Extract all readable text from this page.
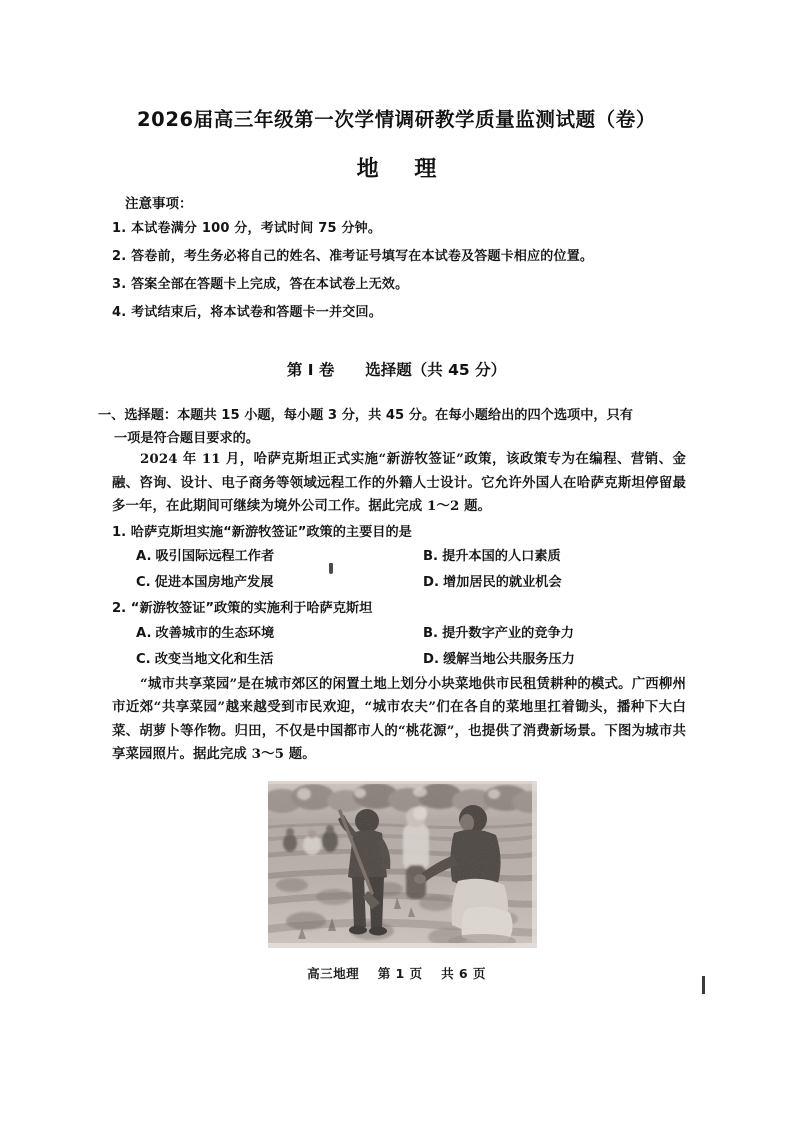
2026届高三年级第一次学情调研教学质量监测试题（卷）
地 理
注意事项：
1. 本试卷满分 100 分，考试时间 75 分钟。
2. 答卷前，考生务必将自己的姓名、准考证号填写在本试卷及答题卡相应的位置。
3. 答案全部在答题卡上完成，答在本试卷上无效。
4. 考试结束后，将本试卷和答题卡一并交回。
第 I 卷 选择题（共 45 分）
一、选择题：本题共 15 小题，每小题 3 分，共 45 分。在每小题给出的四个选项中，只有
一项是符合题目要求的。

2024 年 11 月，哈萨克斯坦正式实施“新游牧签证”政策，该政策专为在编程、营销、金融、咨询、设计、电子商务等领域远程工作的外籍人士设计。它允许外国人在哈萨克斯坦停留最多一年，在此期间可继续为境外公司工作。据此完成 1～2 题。

1. 哈萨克斯坦实施“新游牧签证”政策的主要目的是

A. 吸引国际远程工作者	B. 提升本国的人口素质
C. 促进本国房地产发展	D. 增加居民的就业机会

2. “新游牧签证”政策的实施利于哈萨克斯坦

A. 改善城市的生态环境	B. 提升数字产业的竞争力
C. 改变当地文化和生活	D. 缓解当地公共服务压力

“城市共享菜园”是在城市郊区的闲置土地上划分小块菜地供市民租赁耕种的模式。广西柳州市近郊“共享菜园”越来越受到市民欢迎，“城市农夫”们在各自的菜地里扛着锄头，播种下大白菜、胡萝卜等作物。归田，不仅是中国都市人的“桃花源”，也提供了消费新场景。下图为城市共享菜园照片。据此完成 3～5 题。

高三地理 第 1 页 共 6 页
